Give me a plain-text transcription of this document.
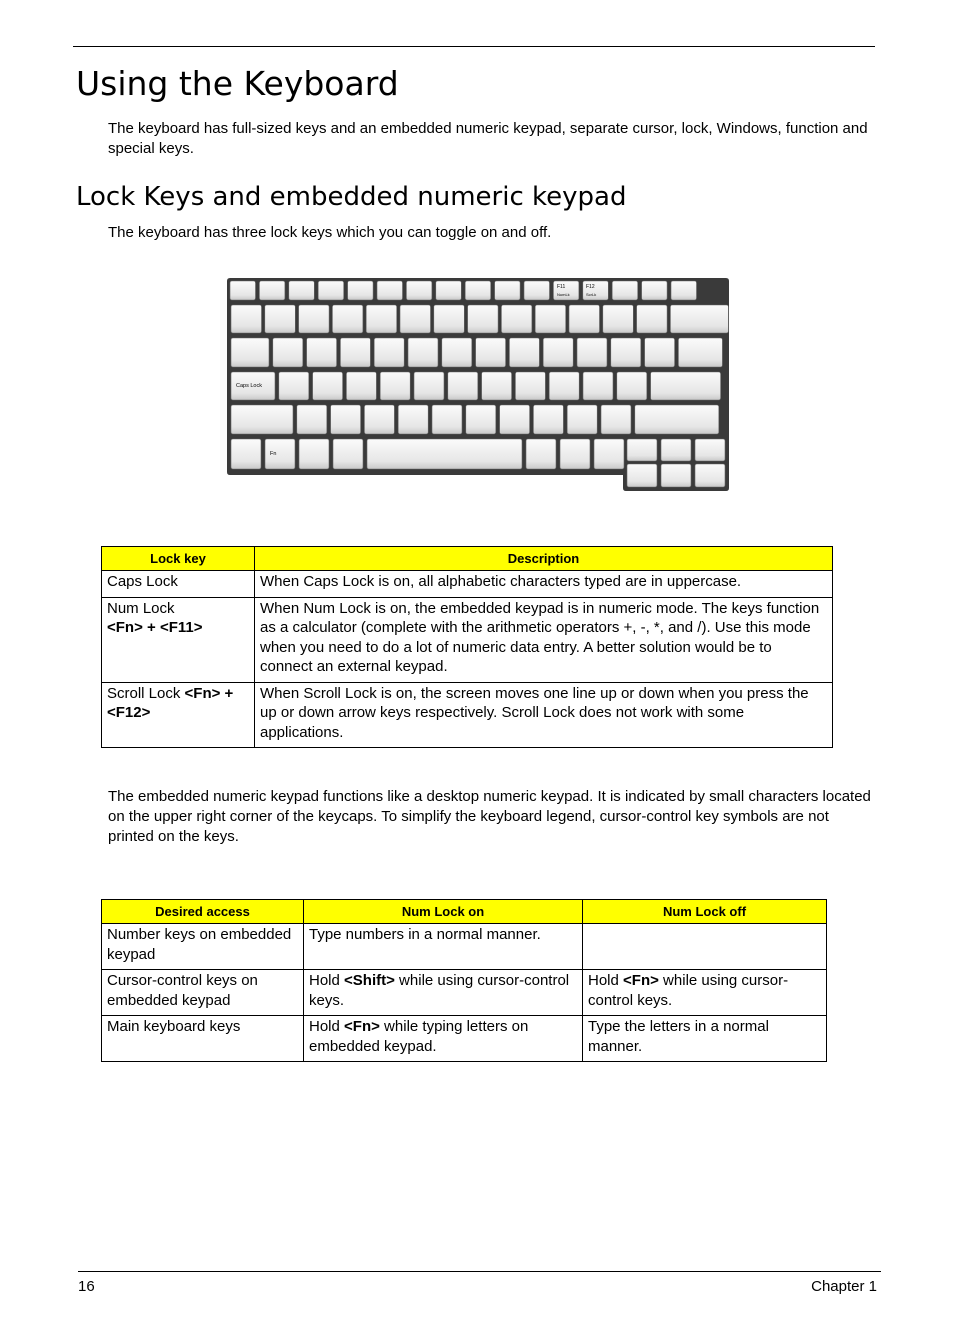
Using the Keyboard

The keyboard has full-sized keys and an embedded numeric keypad, separate cursor, lock, Windows, function and special keys.

Lock Keys and embedded numeric keypad

The keyboard has three lock keys which you can toggle on and off.

F11
NumLk
F12
ScrLk
Caps Lock
Fn
Lock key	Description
Caps Lock	When Caps Lock is on, all alphabetic characters typed are in uppercase.
Num Lock
<Fn> + <F11>	When Num Lock is on, the embedded keypad is in numeric mode. The keys function as a calculator (complete with the arithmetic operators +, -, *, and /). Use this mode when you need to do a lot of numeric data entry. A better solution would be to connect an external keypad.
Scroll Lock <Fn> + <F12>	When Scroll Lock is on, the screen moves one line up or down when you press the up or down arrow keys respectively. Scroll Lock does not work with some applications.

The embedded numeric keypad functions like a desktop numeric keypad. It is indicated by small characters located on the upper right corner of the keycaps. To simplify the keyboard legend, cursor-control key symbols are not printed on the keys.

Desired access	Num Lock on	Num Lock off
Number keys on embedded keypad	Type numbers in a normal manner.	
Cursor-control keys on embedded keypad	Hold <Shift> while using cursor-control keys.	Hold <Fn> while using cursor-control keys.
Main keyboard keys	Hold <Fn> while typing letters on embedded keypad.	Type the letters in a normal manner.
16	Chapter 1
